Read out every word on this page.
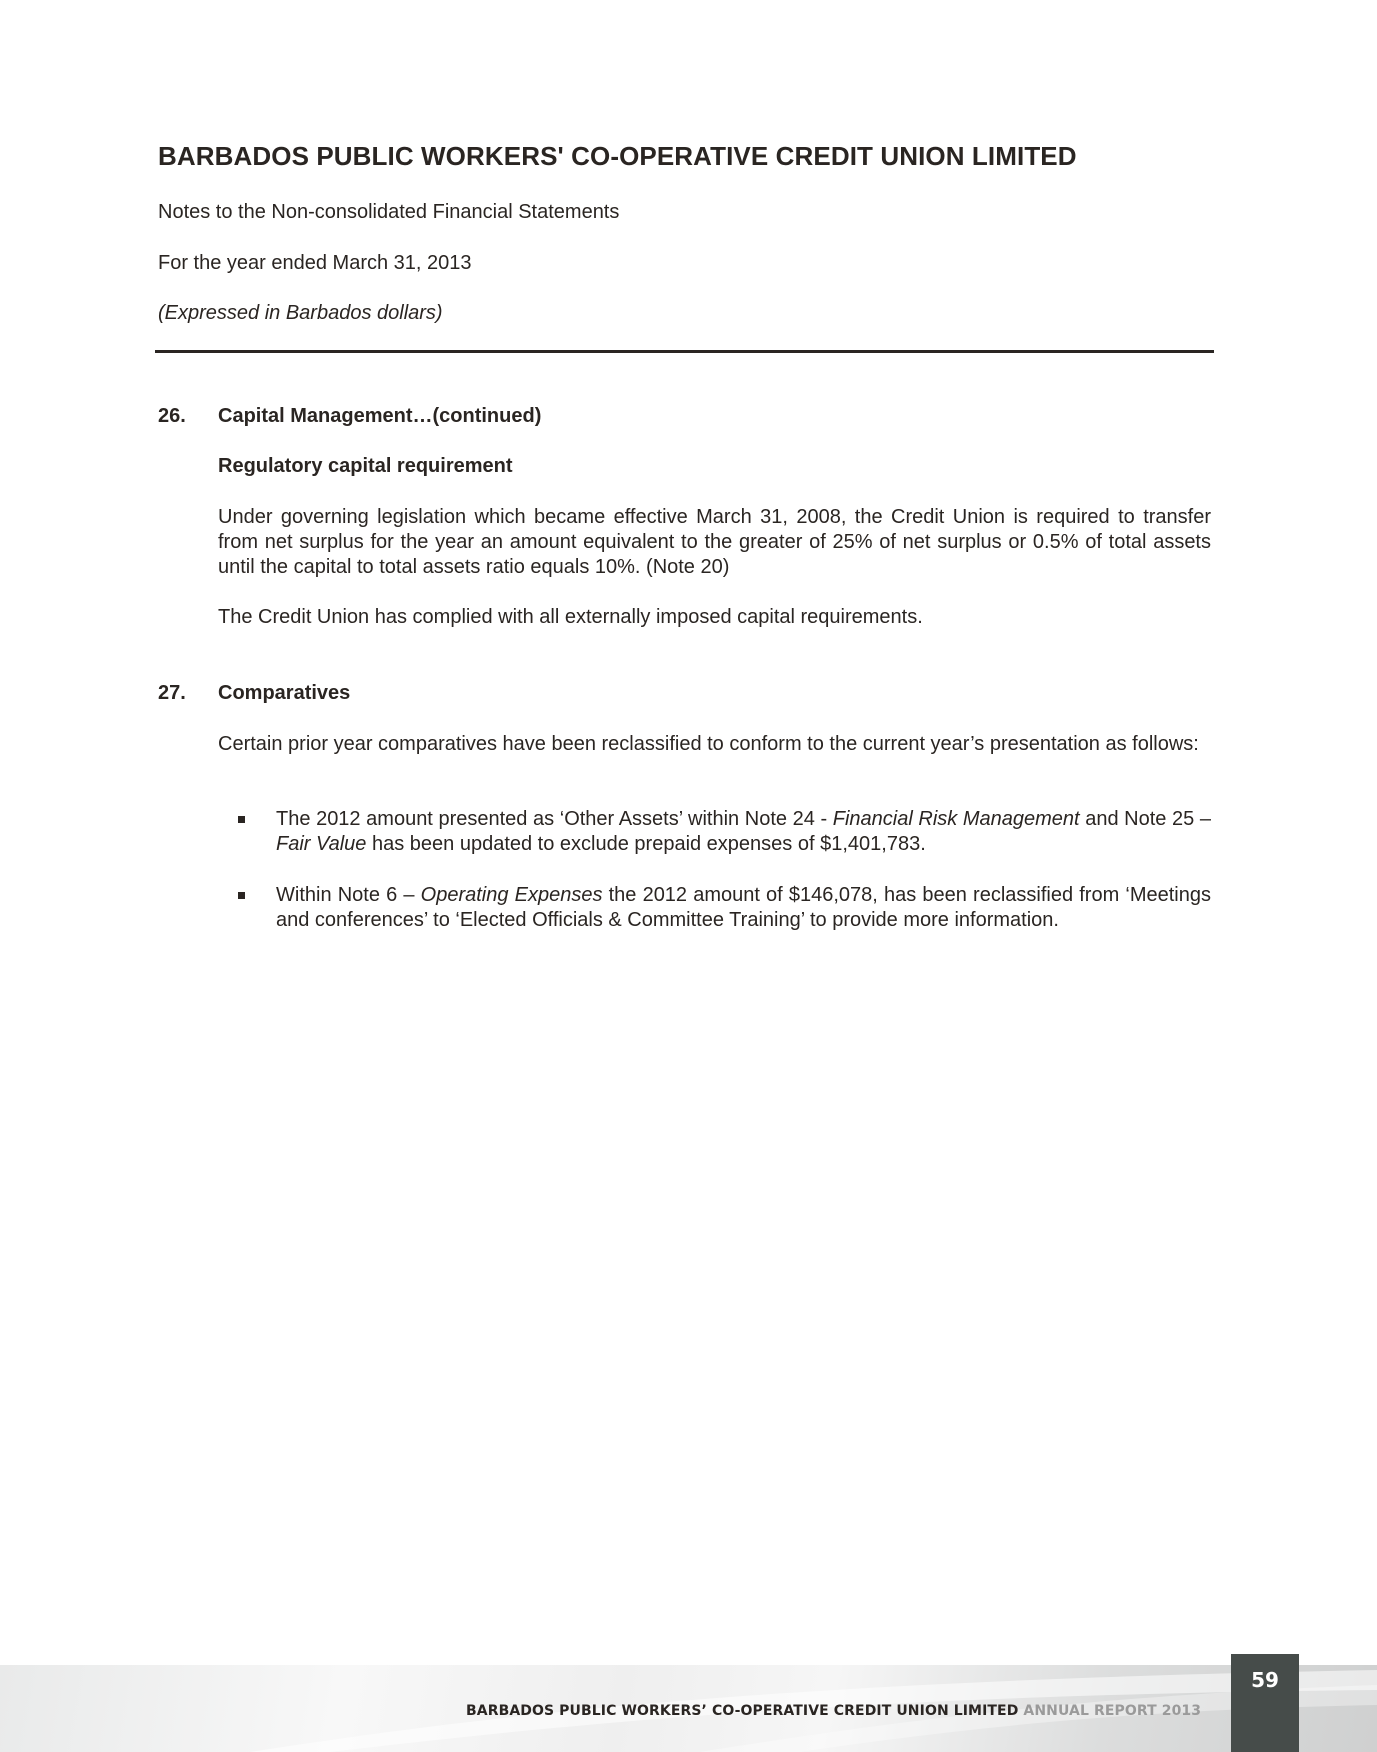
BARBADOS PUBLIC WORKERS' CO-OPERATIVE CREDIT UNION LIMITED

Notes to the Non-consolidated Financial Statements

For the year ended March 31, 2013

(Expressed in Barbados dollars)

26. Capital Management…(continued)
Regulatory capital requirement

Under governing legislation which became effective March 31, 2008, the Credit Union is required to transfer from net surplus for the year an amount equivalent to the greater of 25% of net surplus or 0.5% of total assets until the capital to total assets ratio equals 10%. (Note 20)

The Credit Union has complied with all externally imposed capital requirements.

27. Comparatives

Certain prior year comparatives have been reclassified to conform to the current year’s presentation as follows:

The 2012 amount presented as ‘Other Assets’ within Note 24 - Financial Risk Management and Note 25 – Fair Value has been updated to exclude prepaid expenses of $1,401,783.

Within Note 6 – Operating Expenses the 2012 amount of $146,078, has been reclassified from ‘Meetings and conferences’ to ‘Elected Officials & Committee Training’ to provide more information.

BARBADOS PUBLIC WORKERS’ CO-OPERATIVE CREDIT UNION LIMITED ANNUAL REPORT 2013
59
